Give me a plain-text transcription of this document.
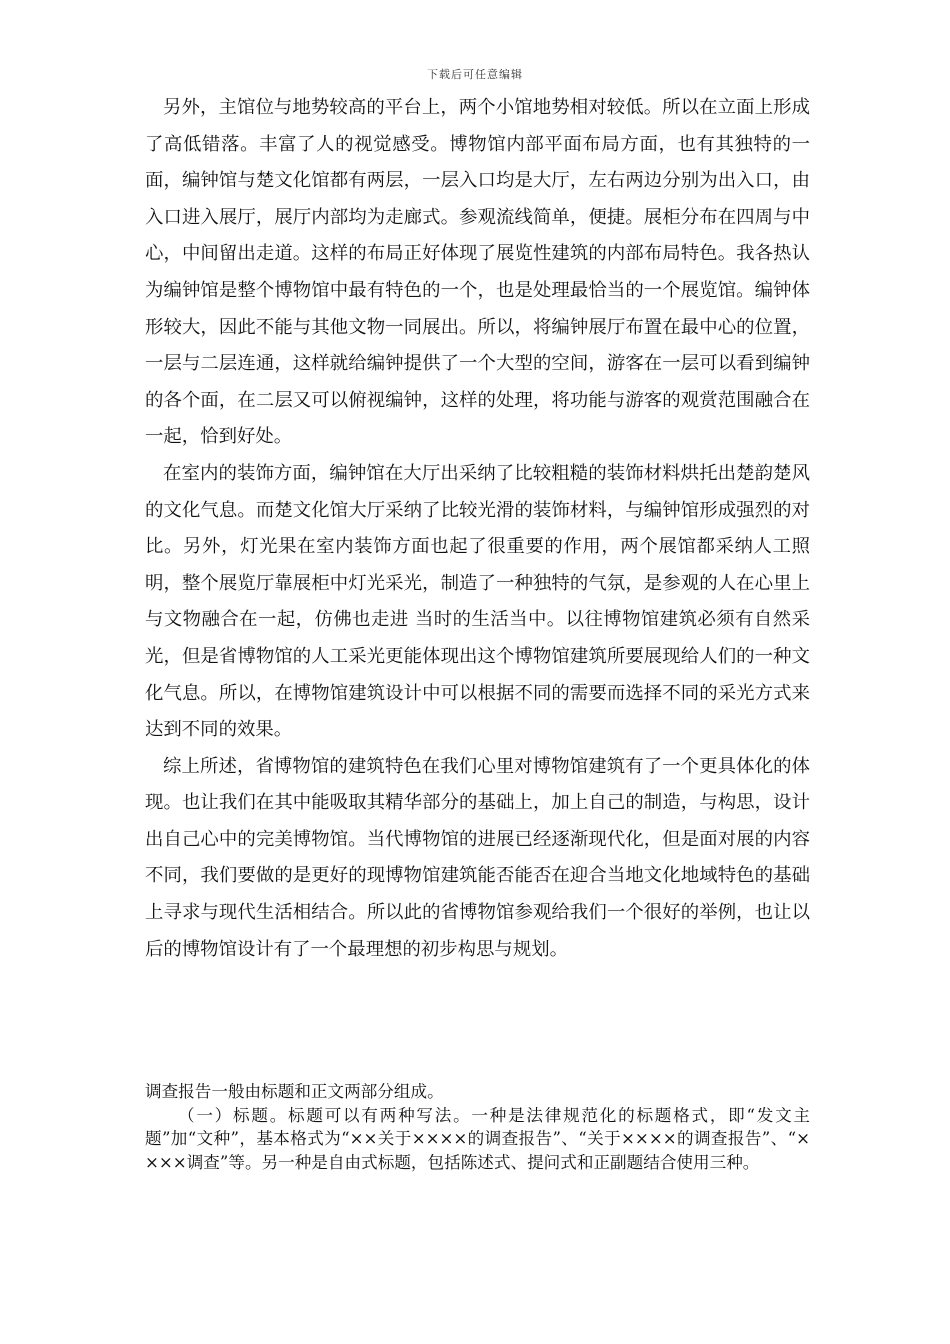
下载后可任意编辑

另外，主馆位与地势较高的平台上，两个小馆地势相对较低。所以在立面上形成了高低错落。丰富了人的视觉感受。博物馆内部平面布局方面，也有其独特的一面，编钟馆与楚文化馆都有两层，一层入口均是大厅，左右两边分别为出入口，由入口进入展厅，展厅内部均为走廊式。参观流线简单，便捷。展柜分布在四周与中心，中间留出走道。这样的布局正好体现了展览性建筑的内部布局特色。我各热认为编钟馆是整个博物馆中最有特色的一个，也是处理最恰当的一个展览馆。编钟体形较大，因此不能与其他文物一同展出。所以，将编钟展厅布置在最中心的位置，一层与二层连通，这样就给编钟提供了一个大型的空间，游客在一层可以看到编钟的各个面，在二层又可以俯视编钟，这样的处理，将功能与游客的观赏范围融合在一起，恰到好处。

在室内的装饰方面，编钟馆在大厅出采纳了比较粗糙的装饰材料烘托出楚韵楚风的文化气息。而楚文化馆大厅采纳了比较光滑的装饰材料，与编钟馆形成强烈的对比。另外，灯光果在室内装饰方面也起了很重要的作用，两个展馆都采纳人工照明，整个展览厅靠展柜中灯光采光，制造了一种独特的气氛，是参观的人在心里上与文物融合在一起，仿佛也走进 当时的生活当中。以往博物馆建筑必须有自然采光，但是省博物馆的人工采光更能体现出这个博物馆建筑所要展现给人们的一种文化气息。所以，在博物馆建筑设计中可以根据不同的需要而选择不同的采光方式来达到不同的效果。

综上所述，省博物馆的建筑特色在我们心里对博物馆建筑有了一个更具体化的体现。也让我们在其中能吸取其精华部分的基础上，加上自己的制造，与构思，设计出自己心中的完美博物馆。当代博物馆的进展已经逐渐现代化，但是面对展的内容不同，我们要做的是更好的现博物馆建筑能否能否在迎合当地文化地域特色的基础上寻求与现代生活相结合。所以此的省博物馆参观给我们一个很好的举例，也让以后的博物馆设计有了一个最理想的初步构思与规划。

调查报告一般由标题和正文两部分组成。

（一）标题。标题可以有两种写法。一种是法律规范化的标题格式，即“发文主题”加“文种”，基本格式为“××关于××××的调查报告”、“关于××××的调查报告”、“××××调查”等。另一种是自由式标题，包括陈述式、提问式和正副题结合使用三种。
